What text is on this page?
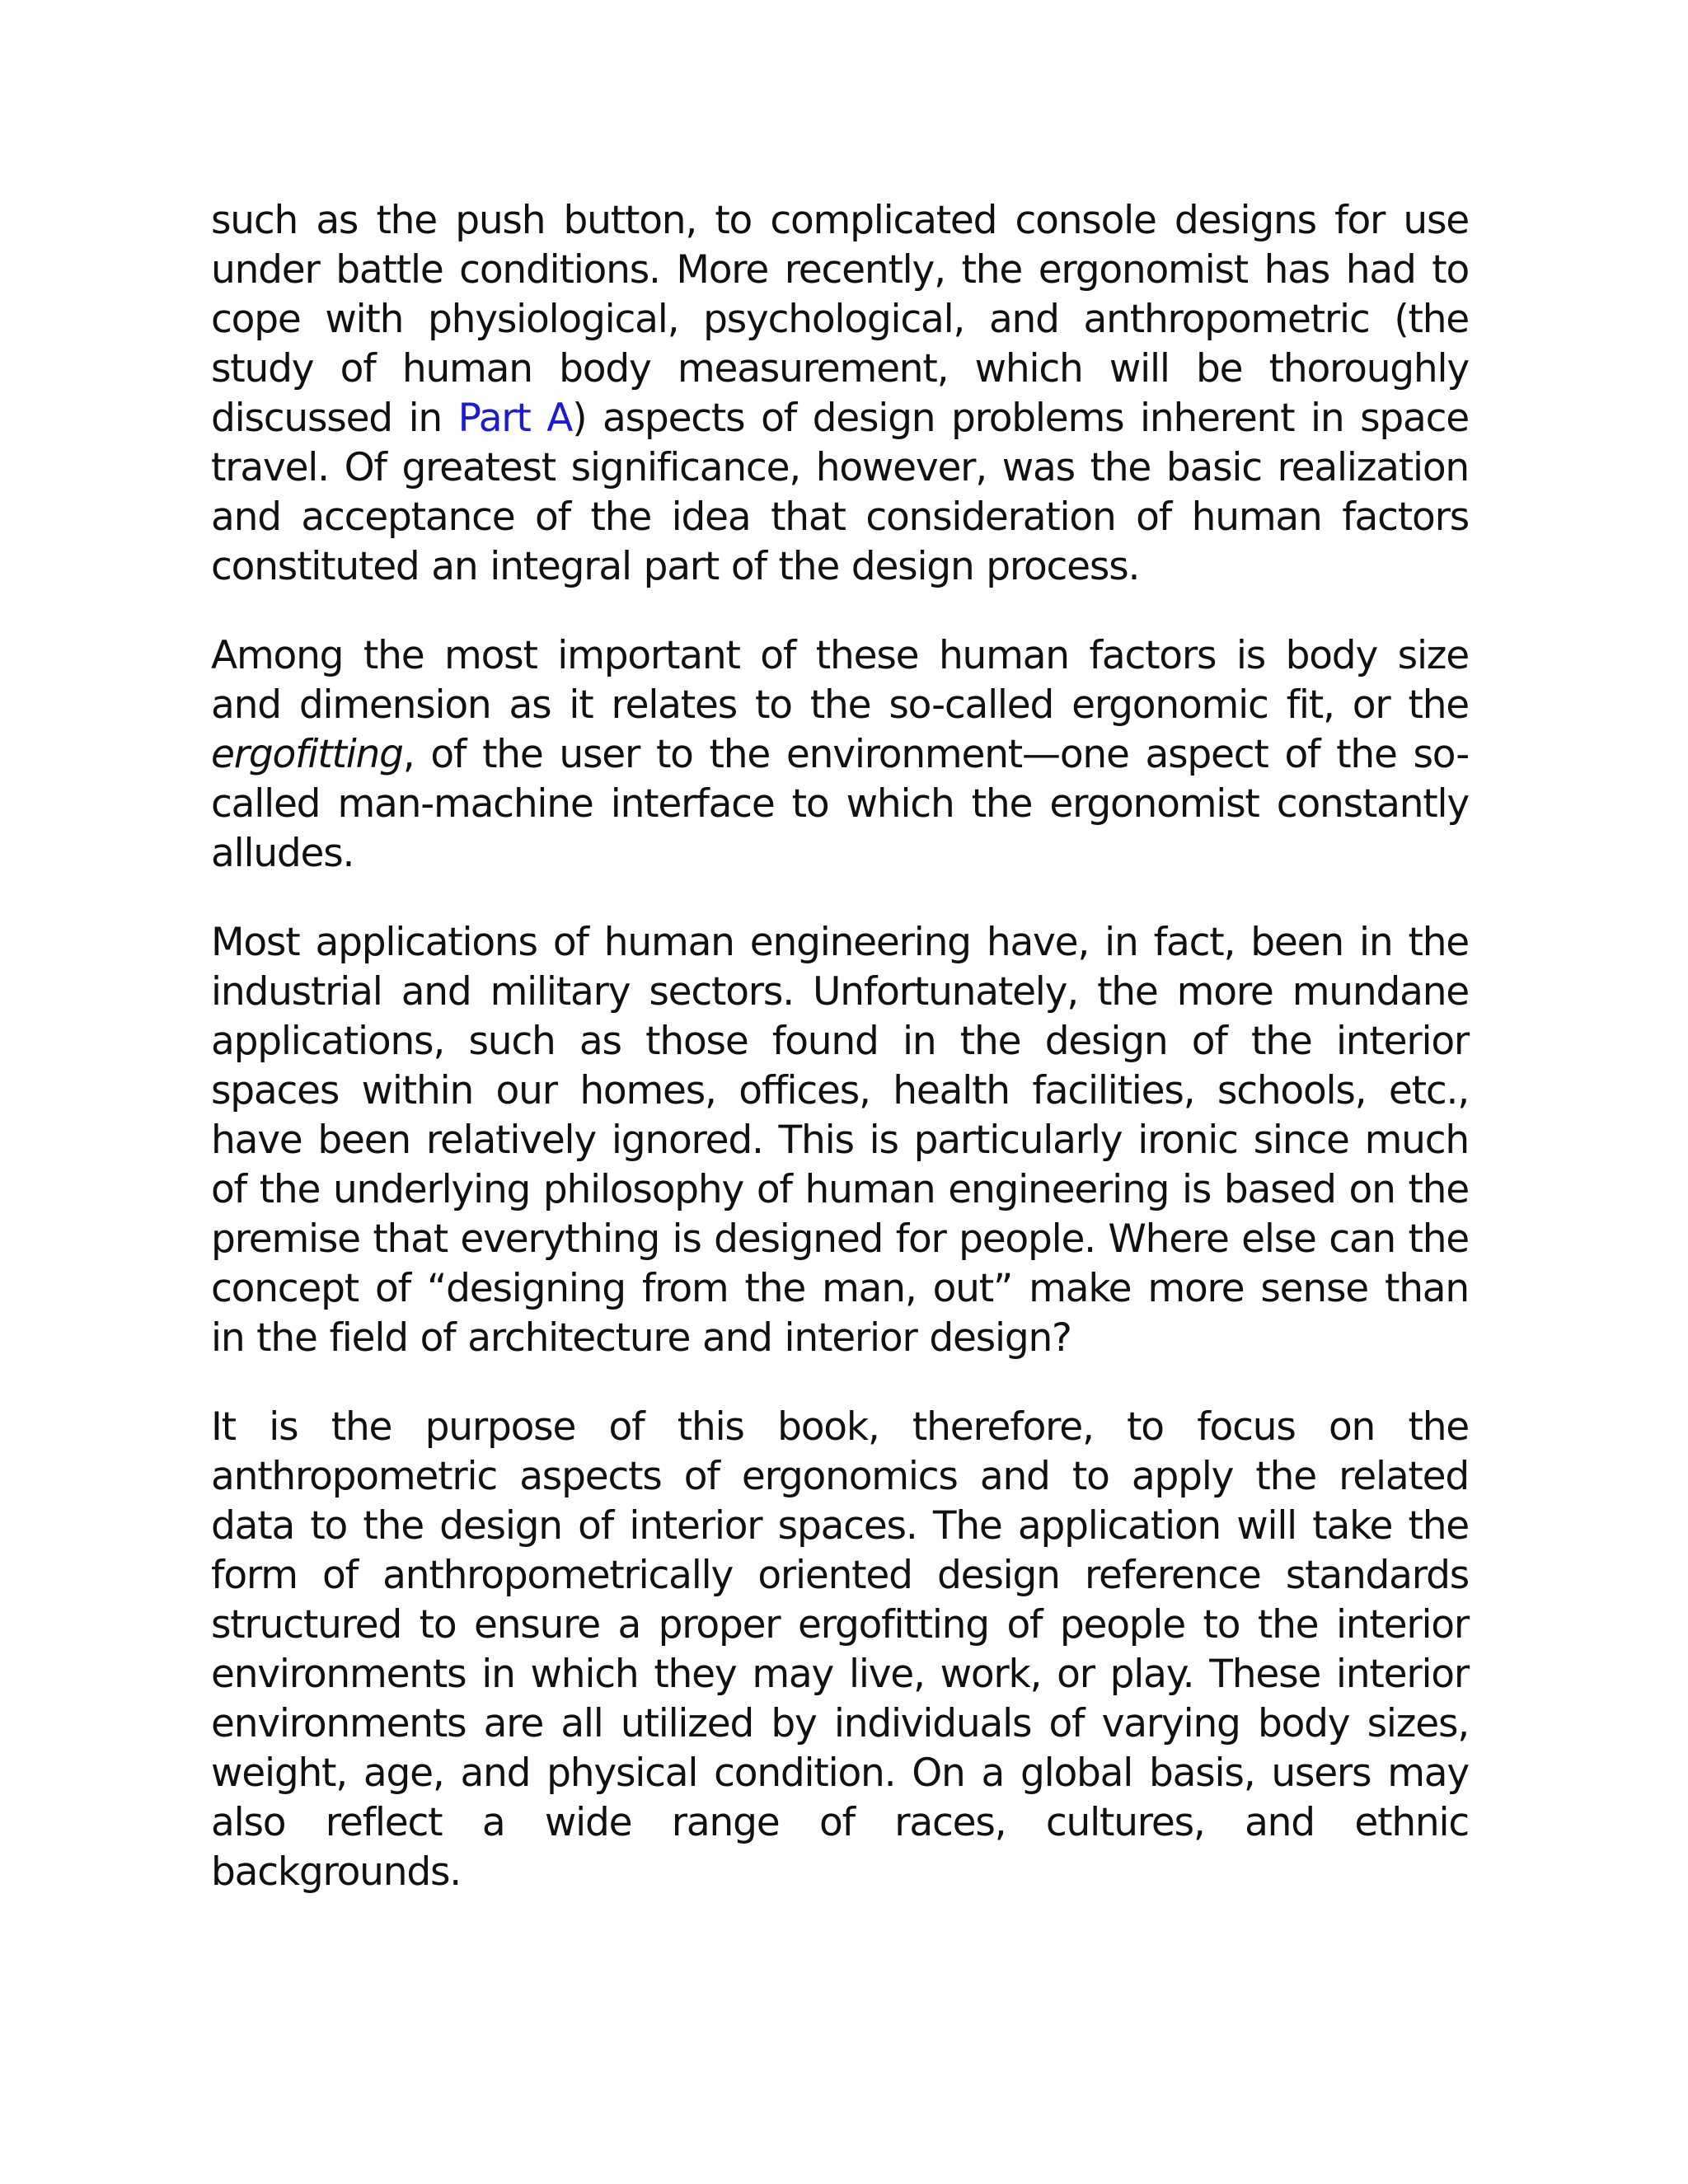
such as the push button, to complicated console designs for use under battle conditions. More recently, the ergonomist has had to cope with physiological, psychological, and anthropometric (the study of human body measurement, which will be thoroughly discussed in Part A) aspects of design problems inherent in space travel. Of greatest significance, however, was the basic realization and acceptance of the idea that consideration of human factors constituted an integral part of the design process.

Among the most important of these human factors is body size and dimension as it relates to the so-called ergonomic fit, or the ergofitting, of the user to the environment—one aspect of the so-called man-machine interface to which the ergonomist constantly alludes.

Most applications of human engineering have, in fact, been in the industrial and military sectors. Unfortunately, the more mundane applications, such as those found in the design of the interior spaces within our homes, offices, health facilities, schools, etc., have been relatively ignored. This is particularly ironic since much of the underlying philosophy of human engineering is based on the premise that everything is designed for people. Where else can the concept of “designing from the man, out” make more sense than in the field of architecture and interior design?

It is the purpose of this book, therefore, to focus on the anthropometric aspects of ergonomics and to apply the related data to the design of interior spaces. The application will take the form of anthropometrically oriented design reference standards structured to ensure a proper ergofitting of people to the interior environments in which they may live, work, or play. These interior environments are all utilized by individuals of varying body sizes, weight, age, and physical condition. On a global basis, users may also reflect a wide range of races, cultures, and ethnic backgrounds.
